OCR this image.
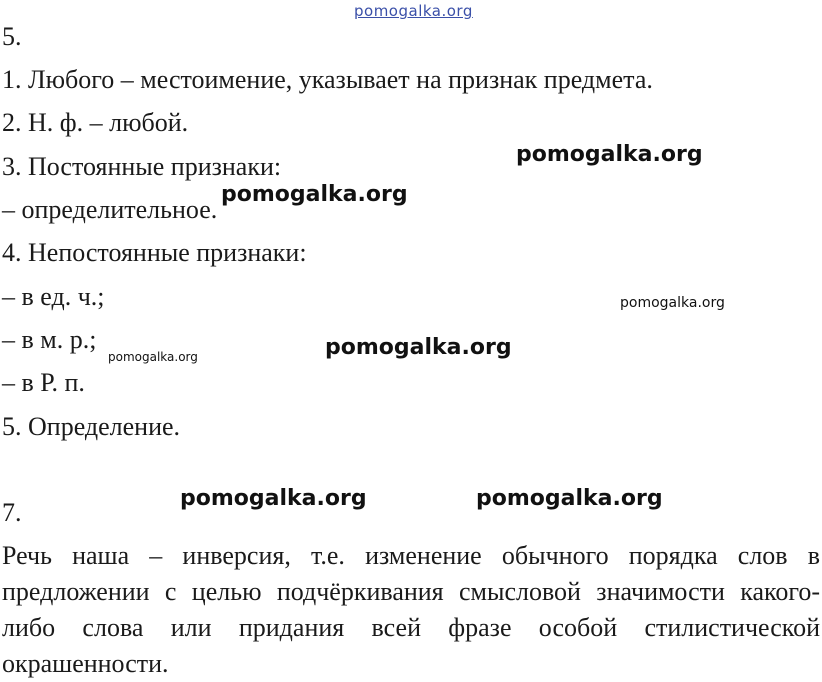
pomogalka.org
5.
1. Любого – местоимение, указывает на признак предмета.
2. Н. ф. – любой.
3. Постоянные признаки:
– определительное.
4. Непостоянные признаки:
– в ед. ч.;
– в м. р.;
– в Р. п.
5. Определение.
7.
Речь наша – инверсия, т.е. изменение обычного порядка слов в предложении с целью подчёркивания смысловой значимости какого-либо слова или придания всей фразе особой стилистической окрашенности.
pomogalka.org
pomogalka.org
pomogalka.org
pomogalka.org
pomogalka.org
pomogalka.org	pomogalka.org
